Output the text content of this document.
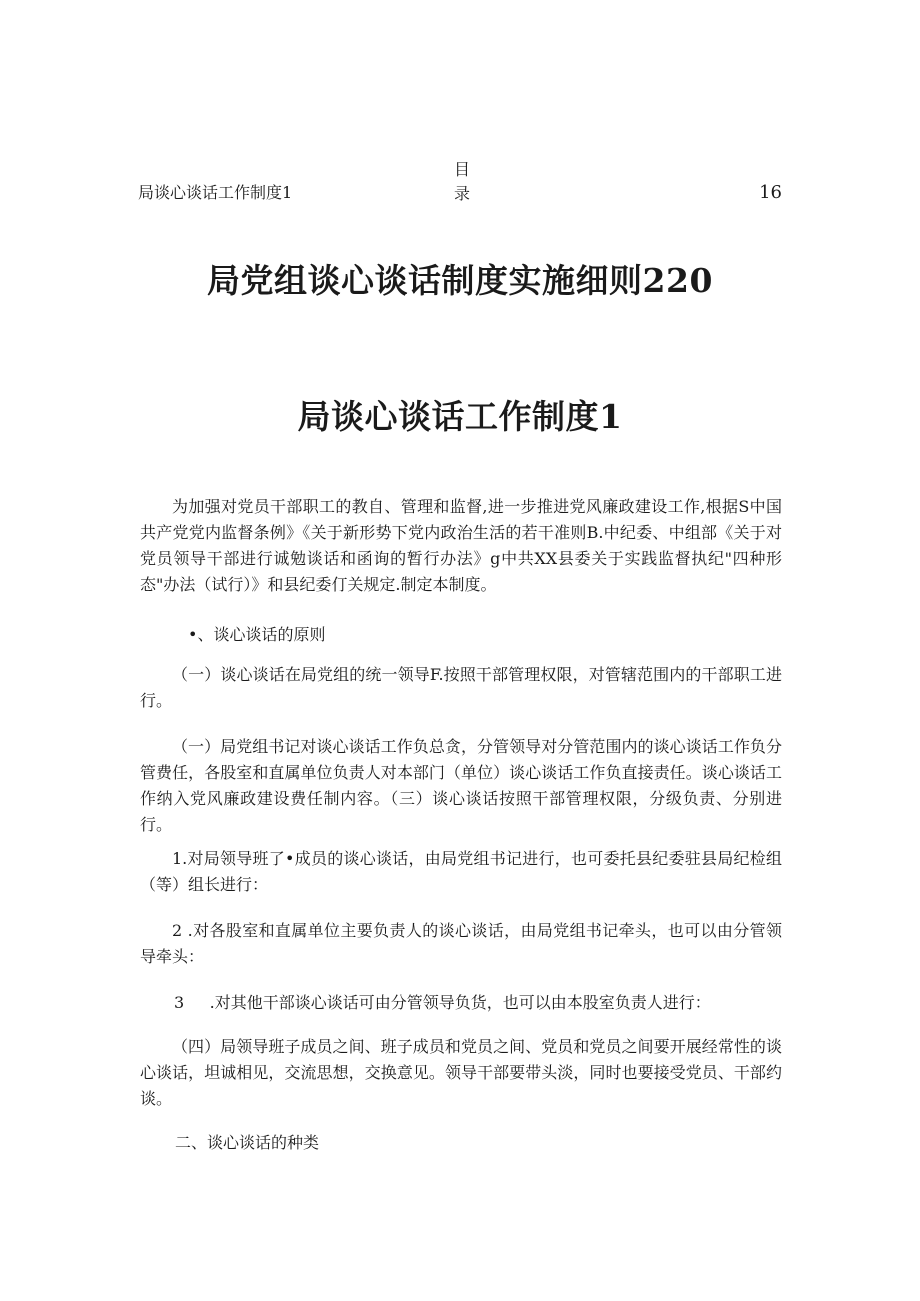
目
录
局谈心谈话工作制度1	16
局党组谈心谈话制度实施细则220
局谈心谈话工作制度1

为加强对党员干部职工的教自、管理和监督,进一步推进党风廉政建设工作,根据S中国共产党党内监督条例》《关于新形势下党内政治生活的若干准则B.中纪委、中组部《关于对党员领导干部进行诚勉谈话和函询的暂行办法》g中共XX县委关于实践监督执纪"四种形态"办法（试行）》和县纪委仃关规定.制定本制度。

•、谈心谈话的原则

（一）谈心谈话在局党组的统一领导F.按照干部管理权限，对管辖范围内的干部职工进行。

（一）局党组书记对谈心谈话工作负总贪，分管领导对分管范围内的谈心谈话工作负分管费任，各股室和直属单位负责人对本部门（单位）谈心谈话工作负直接责任。谈心谈话工作纳入党风廉政建设费任制内容。（三）谈心谈话按照干部管理权限，分级负责、分别进行。

1.对局领导班了•成员的谈心谈话，由局党组书记进行，也可委托县纪委驻县局纪检组（等）组长进行：

2 .对各股室和直属单位主要负责人的谈心谈话，由局党组书记牵头，也可以由分管领导牵头：

3     .对其他干部谈心谈话可由分管领导负货，也可以由本股室负责人进行：

（四）局领导班子成员之间、班子成员和党员之间、党员和党员之间要开展经常性的谈心谈话，坦诚相见，交流思想，交换意见。领导干部要带头淡，同时也要接受党员、干部约谈。

二、谈心谈话的种类
